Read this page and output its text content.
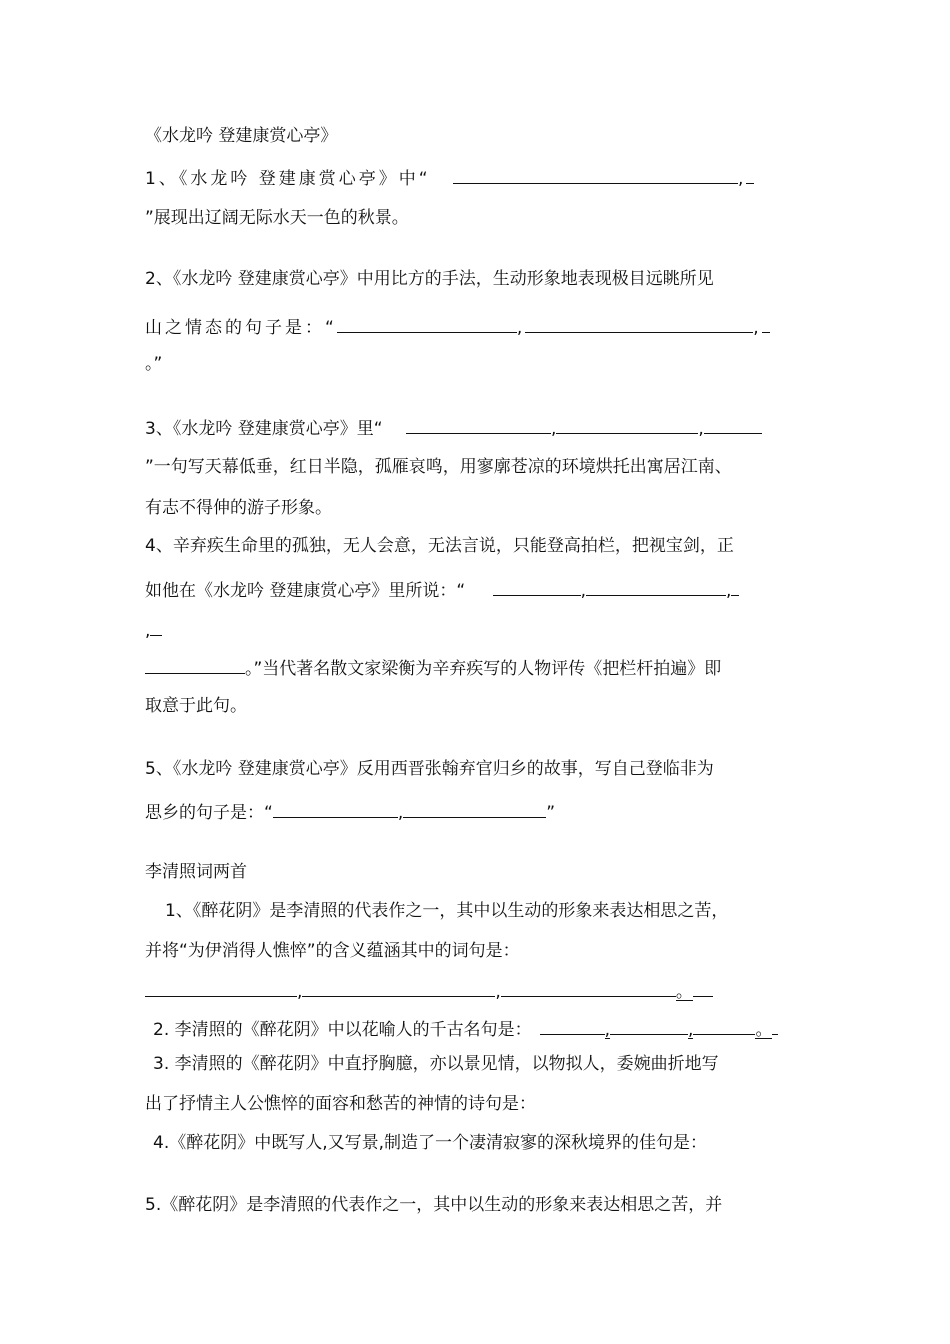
《水龙吟 登建康赏心亭》
1、《水龙吟 登建康赏心亭》中“	,
”展现出辽阔无际水天一色的秋景。
2、《水龙吟 登建康赏心亭》中用比方的手法，生动形象地表现极目远眺所见
山之情态的句子是：“	,	,
。”
3、《水龙吟 登建康赏心亭》里“	,	,
”一句写天幕低垂，红日半隐，孤雁哀鸣，用寥廓苍凉的环境烘托出寓居江南、
有志不得伸的游子形象。
4、辛弃疾生命里的孤独，无人会意，无法言说，只能登高拍栏，把视宝剑，正
如他在《水龙吟 登建康赏心亭》里所说：“	,	,
,
。”当代著名散文家梁衡为辛弃疾写的人物评传《把栏杆拍遍》即
取意于此句。
5、《水龙吟 登建康赏心亭》反用西晋张翰弃官归乡的故事，写自己登临非为
思乡的句子是：“	,	”
李清照词两首
1、《醉花阴》是李清照的代表作之一，其中以生动的形象来表达相思之苦，
并将“为伊消得人憔悴”的含义蕴涵其中的词句是：
,	,	。
2. 李清照的《醉花阴》中以花喻人的千古名句是：	,	,	。
3. 李清照的《醉花阴》中直抒胸臆，亦以景见情，以物拟人，委婉曲折地写
出了抒情主人公憔悴的面容和愁苦的神情的诗句是：
4.《醉花阴》中既写人,又写景,制造了一个凄清寂寥的深秋境界的佳句是：
5.《醉花阴》是李清照的代表作之一，其中以生动的形象来表达相思之苦，并
